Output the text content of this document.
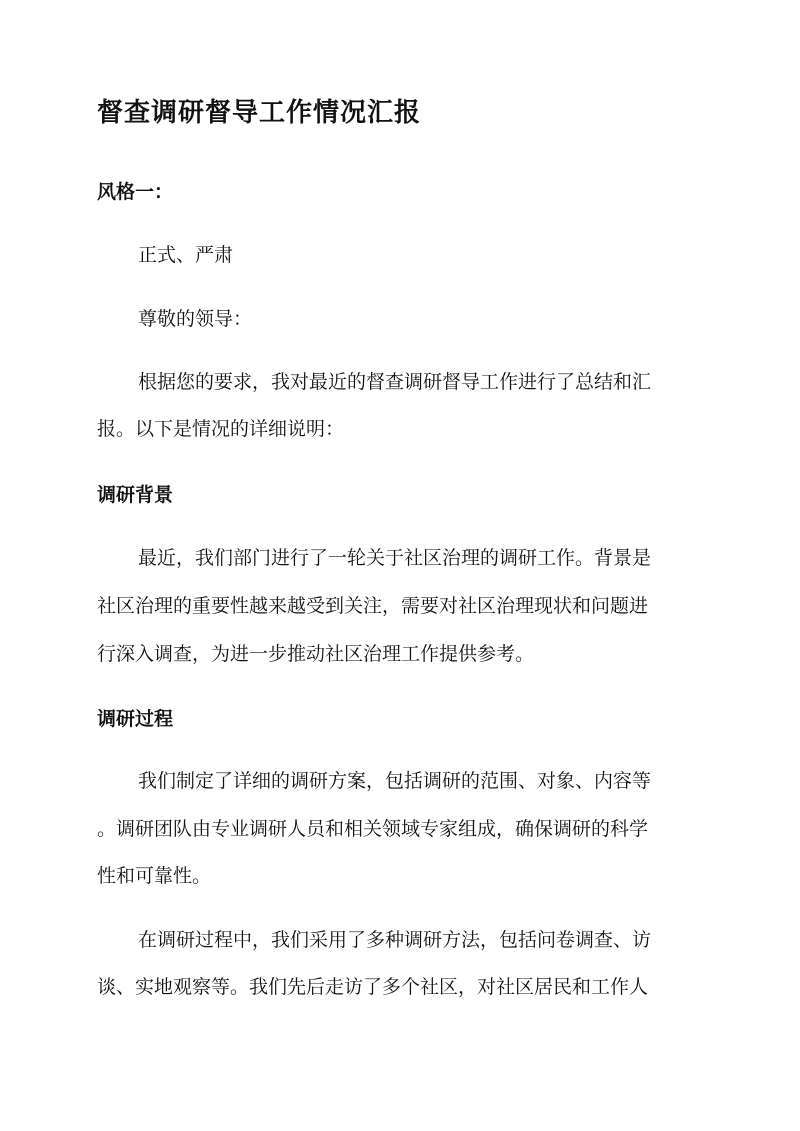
督查调研督导工作情况汇报
风格一：
正式、严肃
尊敬的领导：
根据您的要求，我对最近的督查调研督导工作进行了总结和汇
报。以下是情况的详细说明：
调研背景
最近，我们部门进行了一轮关于社区治理的调研工作。背景是
社区治理的重要性越来越受到关注，需要对社区治理现状和问题进
行深入调查，为进一步推动社区治理工作提供参考。
调研过程
我们制定了详细的调研方案，包括调研的范围、对象、内容等
。调研团队由专业调研人员和相关领域专家组成，确保调研的科学
性和可靠性。
在调研过程中，我们采用了多种调研方法，包括问卷调查、访
谈、实地观察等。我们先后走访了多个社区，对社区居民和工作人
